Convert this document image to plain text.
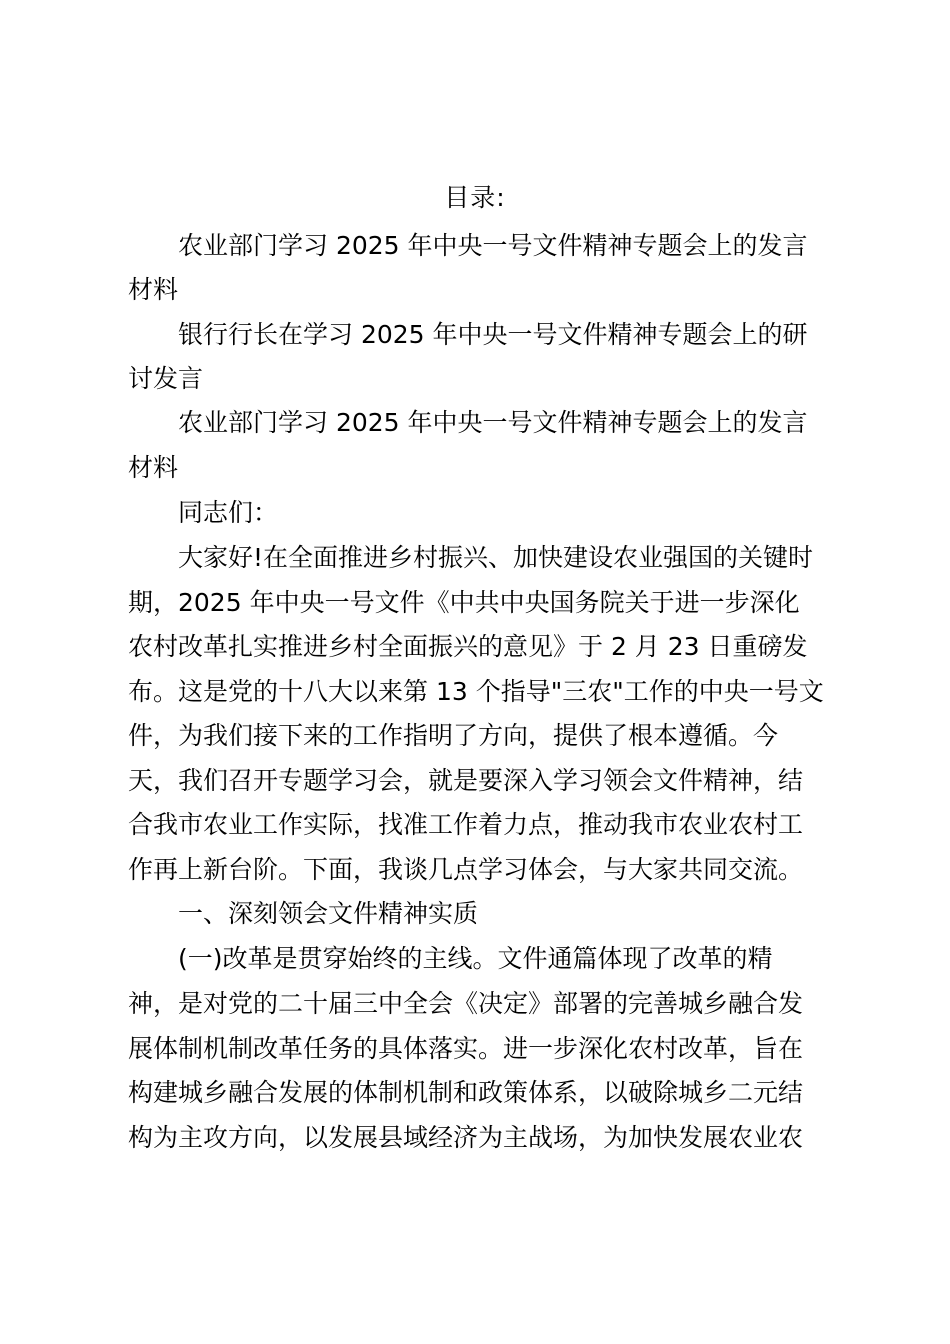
目录:
农业部门学习 2025 年中央一号文件精神专题会上的发言
材料
银行行长在学习 2025 年中央一号文件精神专题会上的研
讨发言
农业部门学习 2025 年中央一号文件精神专题会上的发言
材料
同志们：
大家好!在全面推进乡村振兴、加快建设农业强国的关键时
期，2025 年中央一号文件《中共中央国务院关于进一步深化
农村改革扎实推进乡村全面振兴的意见》于 2 月 23 日重磅发
布。这是党的十八大以来第 13 个指导"三农"工作的中央一号文
件，为我们接下来的工作指明了方向，提供了根本遵循。今
天，我们召开专题学习会，就是要深入学习领会文件精神，结
合我市农业工作实际，找准工作着力点，推动我市农业农村工
作再上新台阶。下面，我谈几点学习体会，与大家共同交流。
一、深刻领会文件精神实质
(一)改革是贯穿始终的主线。文件通篇体现了改革的精
神，是对党的二十届三中全会《决定》部署的完善城乡融合发
展体制机制改革任务的具体落实。进一步深化农村改革，旨在
构建城乡融合发展的体制机制和政策体系，以破除城乡二元结
构为主攻方向，以发展县域经济为主战场，为加快发展农业农
